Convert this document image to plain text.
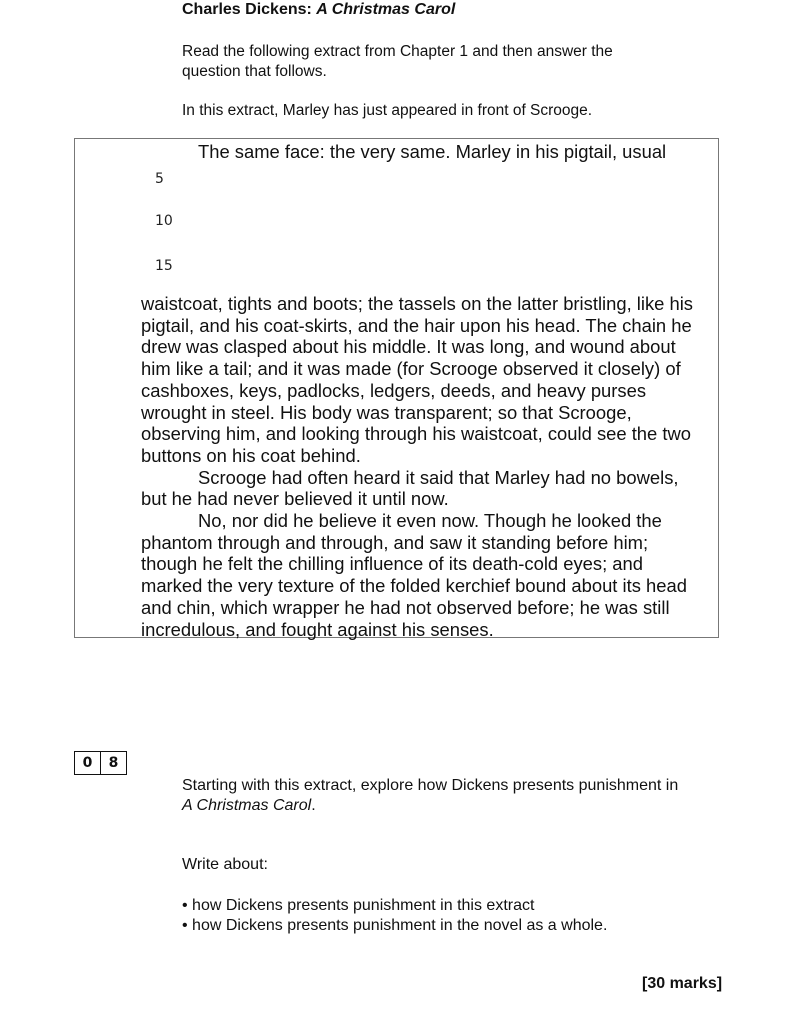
Charles Dickens: A Christmas Carol
Read the following extract from Chapter 1 and then answer the
question that follows.
In this extract, Marley has just appeared in front of Scrooge.
5
10
15
The same face: the very same. Marley in his pigtail, usual
waistcoat, tights and boots; the tassels on the latter bristling, like his
pigtail, and his coat-skirts, and the hair upon his head. The chain he
drew was clasped about his middle. It was long, and wound about
him like a tail; and it was made (for Scrooge observed it closely) of
cashboxes, keys, padlocks, ledgers, deeds, and heavy purses
wrought in steel. His body was transparent; so that Scrooge,
observing him, and looking through his waistcoat, could see the two
buttons on his coat behind.
Scrooge had often heard it said that Marley had no bowels,
but he had never believed it until now.
No, nor did he believe it even now. Though he looked the
phantom through and through, and saw it standing before him;
though he felt the chilling influence of its death-cold eyes; and
marked the very texture of the folded kerchief bound about its head
and chin, which wrapper he had not observed before; he was still
incredulous, and fought against his senses.
0	8
Starting with this extract, explore how Dickens presents punishment in
A Christmas Carol.
Write about:
• how Dickens presents punishment in this extract
• how Dickens presents punishment in the novel as a whole.
[30 marks]
